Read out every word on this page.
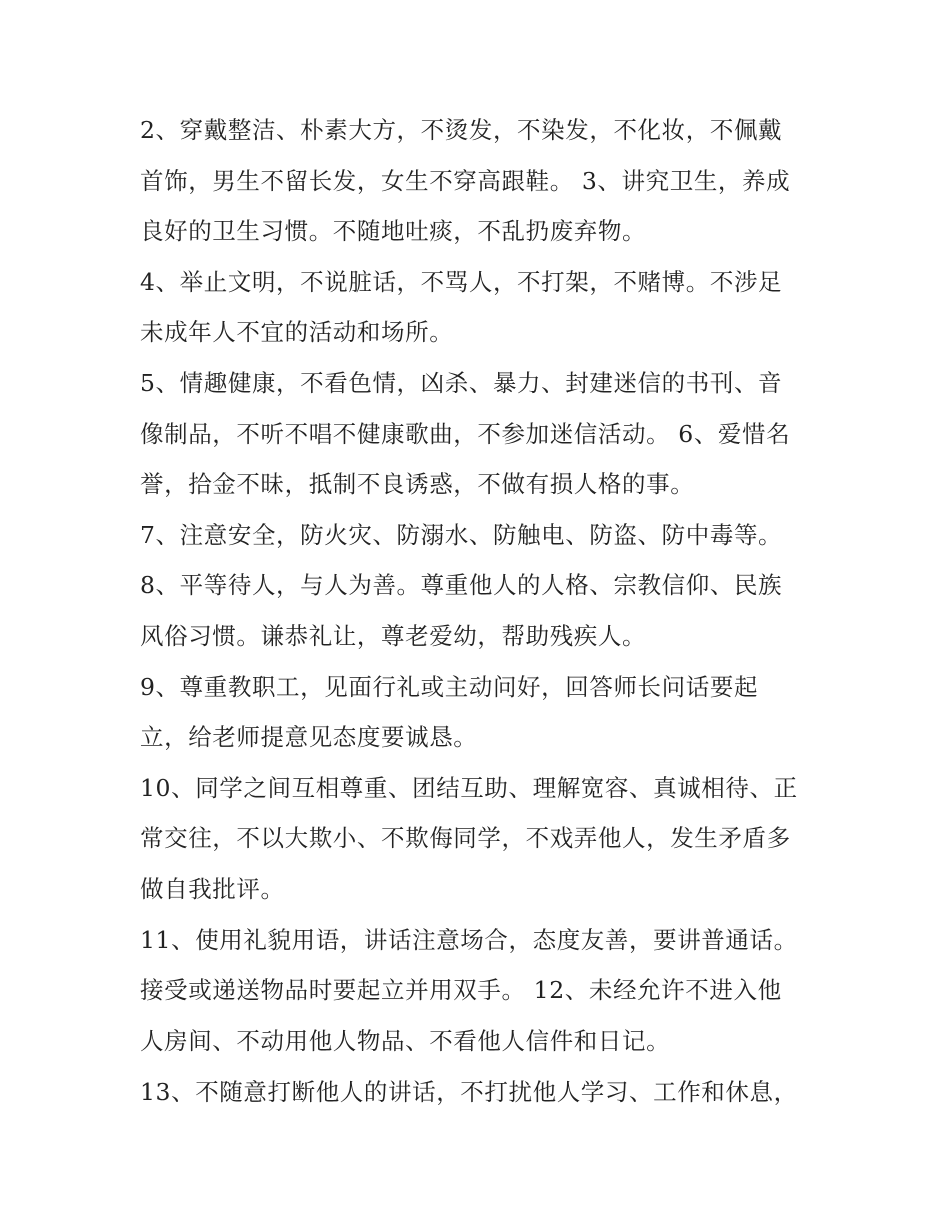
2、穿戴整洁、朴素大方，不烫发，不染发，不化妆，不佩戴
首饰，男生不留长发，女生不穿高跟鞋。 3、讲究卫生，养成
良好的卫生习惯。不随地吐痰，不乱扔废弃物。
4、举止文明，不说脏话，不骂人，不打架，不赌博。不涉足
未成年人不宜的活动和场所。
5、情趣健康，不看色情，凶杀、暴力、封建迷信的书刊、音
像制品，不听不唱不健康歌曲，不参加迷信活动。 6、爱惜名
誉，拾金不昧，抵制不良诱惑，不做有损人格的事。
7、注意安全，防火灾、防溺水、防触电、防盗、防中毒等。
8、平等待人，与人为善。尊重他人的人格、宗教信仰、民族
风俗习惯。谦恭礼让，尊老爱幼，帮助残疾人。
9、尊重教职工，见面行礼或主动问好，回答师长问话要起
立，给老师提意见态度要诚恳。
10、同学之间互相尊重、团结互助、理解宽容、真诚相待、正
常交往，不以大欺小、不欺侮同学，不戏弄他人，发生矛盾多
做自我批评。
11、使用礼貌用语，讲话注意场合，态度友善，要讲普通话。
接受或递送物品时要起立并用双手。 12、未经允许不进入他
人房间、不动用他人物品、不看他人信件和日记。
13、不随意打断他人的讲话，不打扰他人学习、工作和休息，
